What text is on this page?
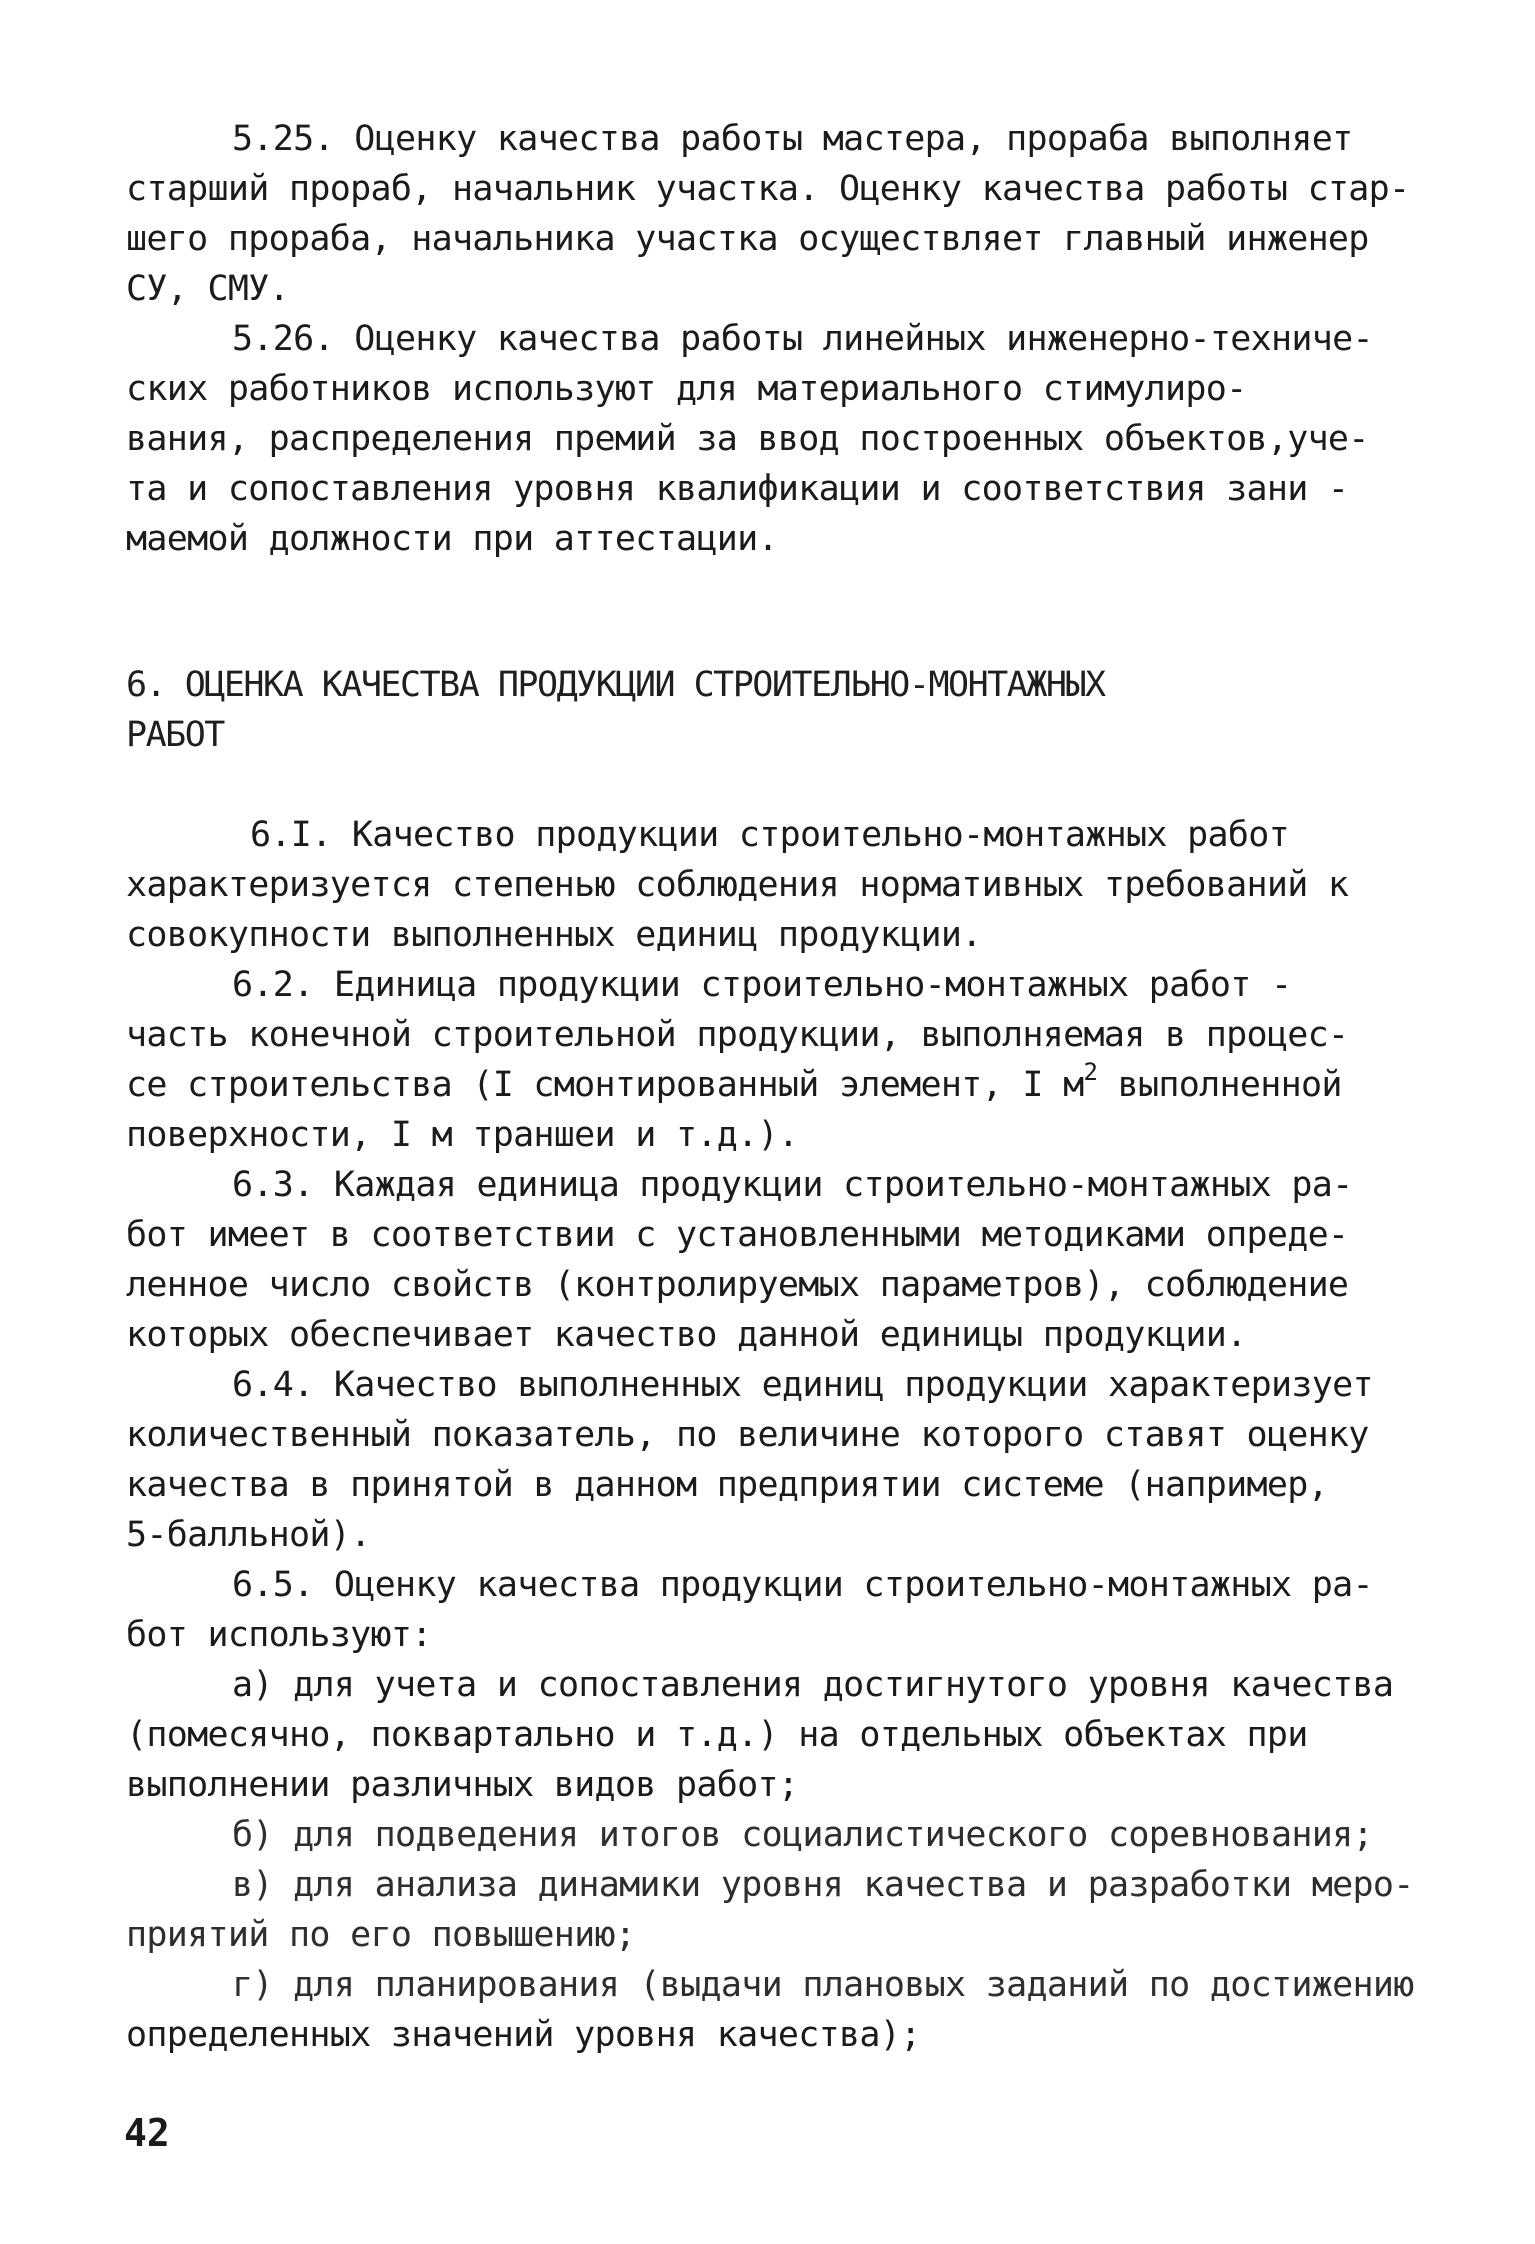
5.25. Оценку качества работы мастера, прораба выполняет

старший прораб, начальник участка. Оценку качества работы стар-

шего прораба, начальника участка осуществляет главный инженер

СУ, СМУ.

5.26. Оценку качества работы линейных инженерно-техниче-

ских работников используют для материального стимулиро-

вания, распределения премий за ввод построенных объектов,уче-

та и сопоставления уровня квалификации и соответствия зани -

маемой должности при аттестации.

6. ОЦЕНКА КАЧЕСТВА ПРОДУКЦИИ СТРОИТЕЛЬНО-МОНТАЖНЫХ

РАБОТ

6.I. Качество продукции строительно-монтажных работ

характеризуется степенью соблюдения нормативных требований к

совокупности выполненных единиц продукции.

6.2. Единица продукции строительно-монтажных работ -

часть конечной строительной продукции, выполняемая в процес-

се строительства (I смонтированный элемент, I $м^2$ выполненной

поверхности, I м траншеи и т.д.).

6.3. Каждая единица продукции строительно-монтажных ра-

бот имеет в соответствии с установленными методиками опреде-

ленное число свойств (контролируемых параметров), соблюдение

которых обеспечивает качество данной единицы продукции.

6.4. Качество выполненных единиц продукции характеризует

количественный показатель, по величине которого ставят оценку

качества в принятой в данном предприятии системе (например,

5-балльной).

6.5. Оценку качества продукции строительно-монтажных ра-

бот используют:

а) для учета и сопоставления достигнутого уровня качества

(помесячно, поквартально и т.д.) на отдельных объектах при

выполнении различных видов работ;

б) для подведения итогов социалистического соревнования;

в) для анализа динамики уровня качества и разработки меро-

приятий по его повышению;

г) для планирования (выдачи плановых заданий по достижению

определенных значений уровня качества);

42
